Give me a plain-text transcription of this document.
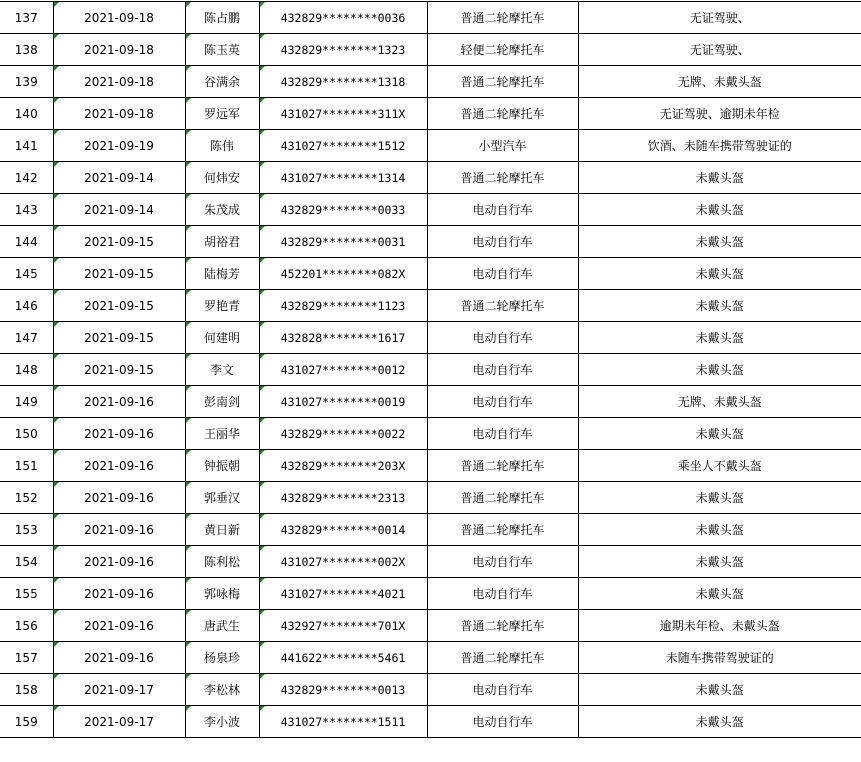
137	2021-09-18	陈占鹏	432829********0036	普通二轮摩托车	无证驾驶、
138	2021-09-18	陈玉英	432829********1323	轻便二轮摩托车	无证驾驶、
139	2021-09-18	谷满余	432829********1318	普通二轮摩托车	无牌、未戴头盔
140	2021-09-18	罗远军	431027********311X	普通二轮摩托车	无证驾驶、逾期未年检
141	2021-09-19	陈伟	431027********1512	小型汽车	饮酒、未随车携带驾驶证的
142	2021-09-14	何炜安	431027********1314	普通二轮摩托车	未戴头盔
143	2021-09-14	朱茂成	432829********0033	电动自行车	未戴头盔
144	2021-09-15	胡裕君	432829********0031	电动自行车	未戴头盔
145	2021-09-15	陆梅芳	452201********082X	电动自行车	未戴头盔
146	2021-09-15	罗艳青	432829********1123	普通二轮摩托车	未戴头盔
147	2021-09-15	何建明	432828********1617	电动自行车	未戴头盔
148	2021-09-15	李文	431027********0012	电动自行车	未戴头盔
149	2021-09-16	彭南剑	431027********0019	电动自行车	无牌、未戴头盔
150	2021-09-16	王丽华	432829********0022	电动自行车	未戴头盔
151	2021-09-16	钟振朝	432829********203X	普通二轮摩托车	乘坐人不戴头盔
152	2021-09-16	郭垂汉	432829********2313	普通二轮摩托车	未戴头盔
153	2021-09-16	黄日新	432829********0014	普通二轮摩托车	未戴头盔
154	2021-09-16	陈利松	431027********002X	电动自行车	未戴头盔
155	2021-09-16	郭咏梅	431027********4021	电动自行车	未戴头盔
156	2021-09-16	唐武生	432927********701X	普通二轮摩托车	逾期未年检、未戴头盔
157	2021-09-16	杨泉珍	441622********5461	普通二轮摩托车	未随车携带驾驶证的
158	2021-09-17	李松林	432829********0013	电动自行车	未戴头盔
159	2021-09-17	李小波	431027********1511	电动自行车	未戴头盔
